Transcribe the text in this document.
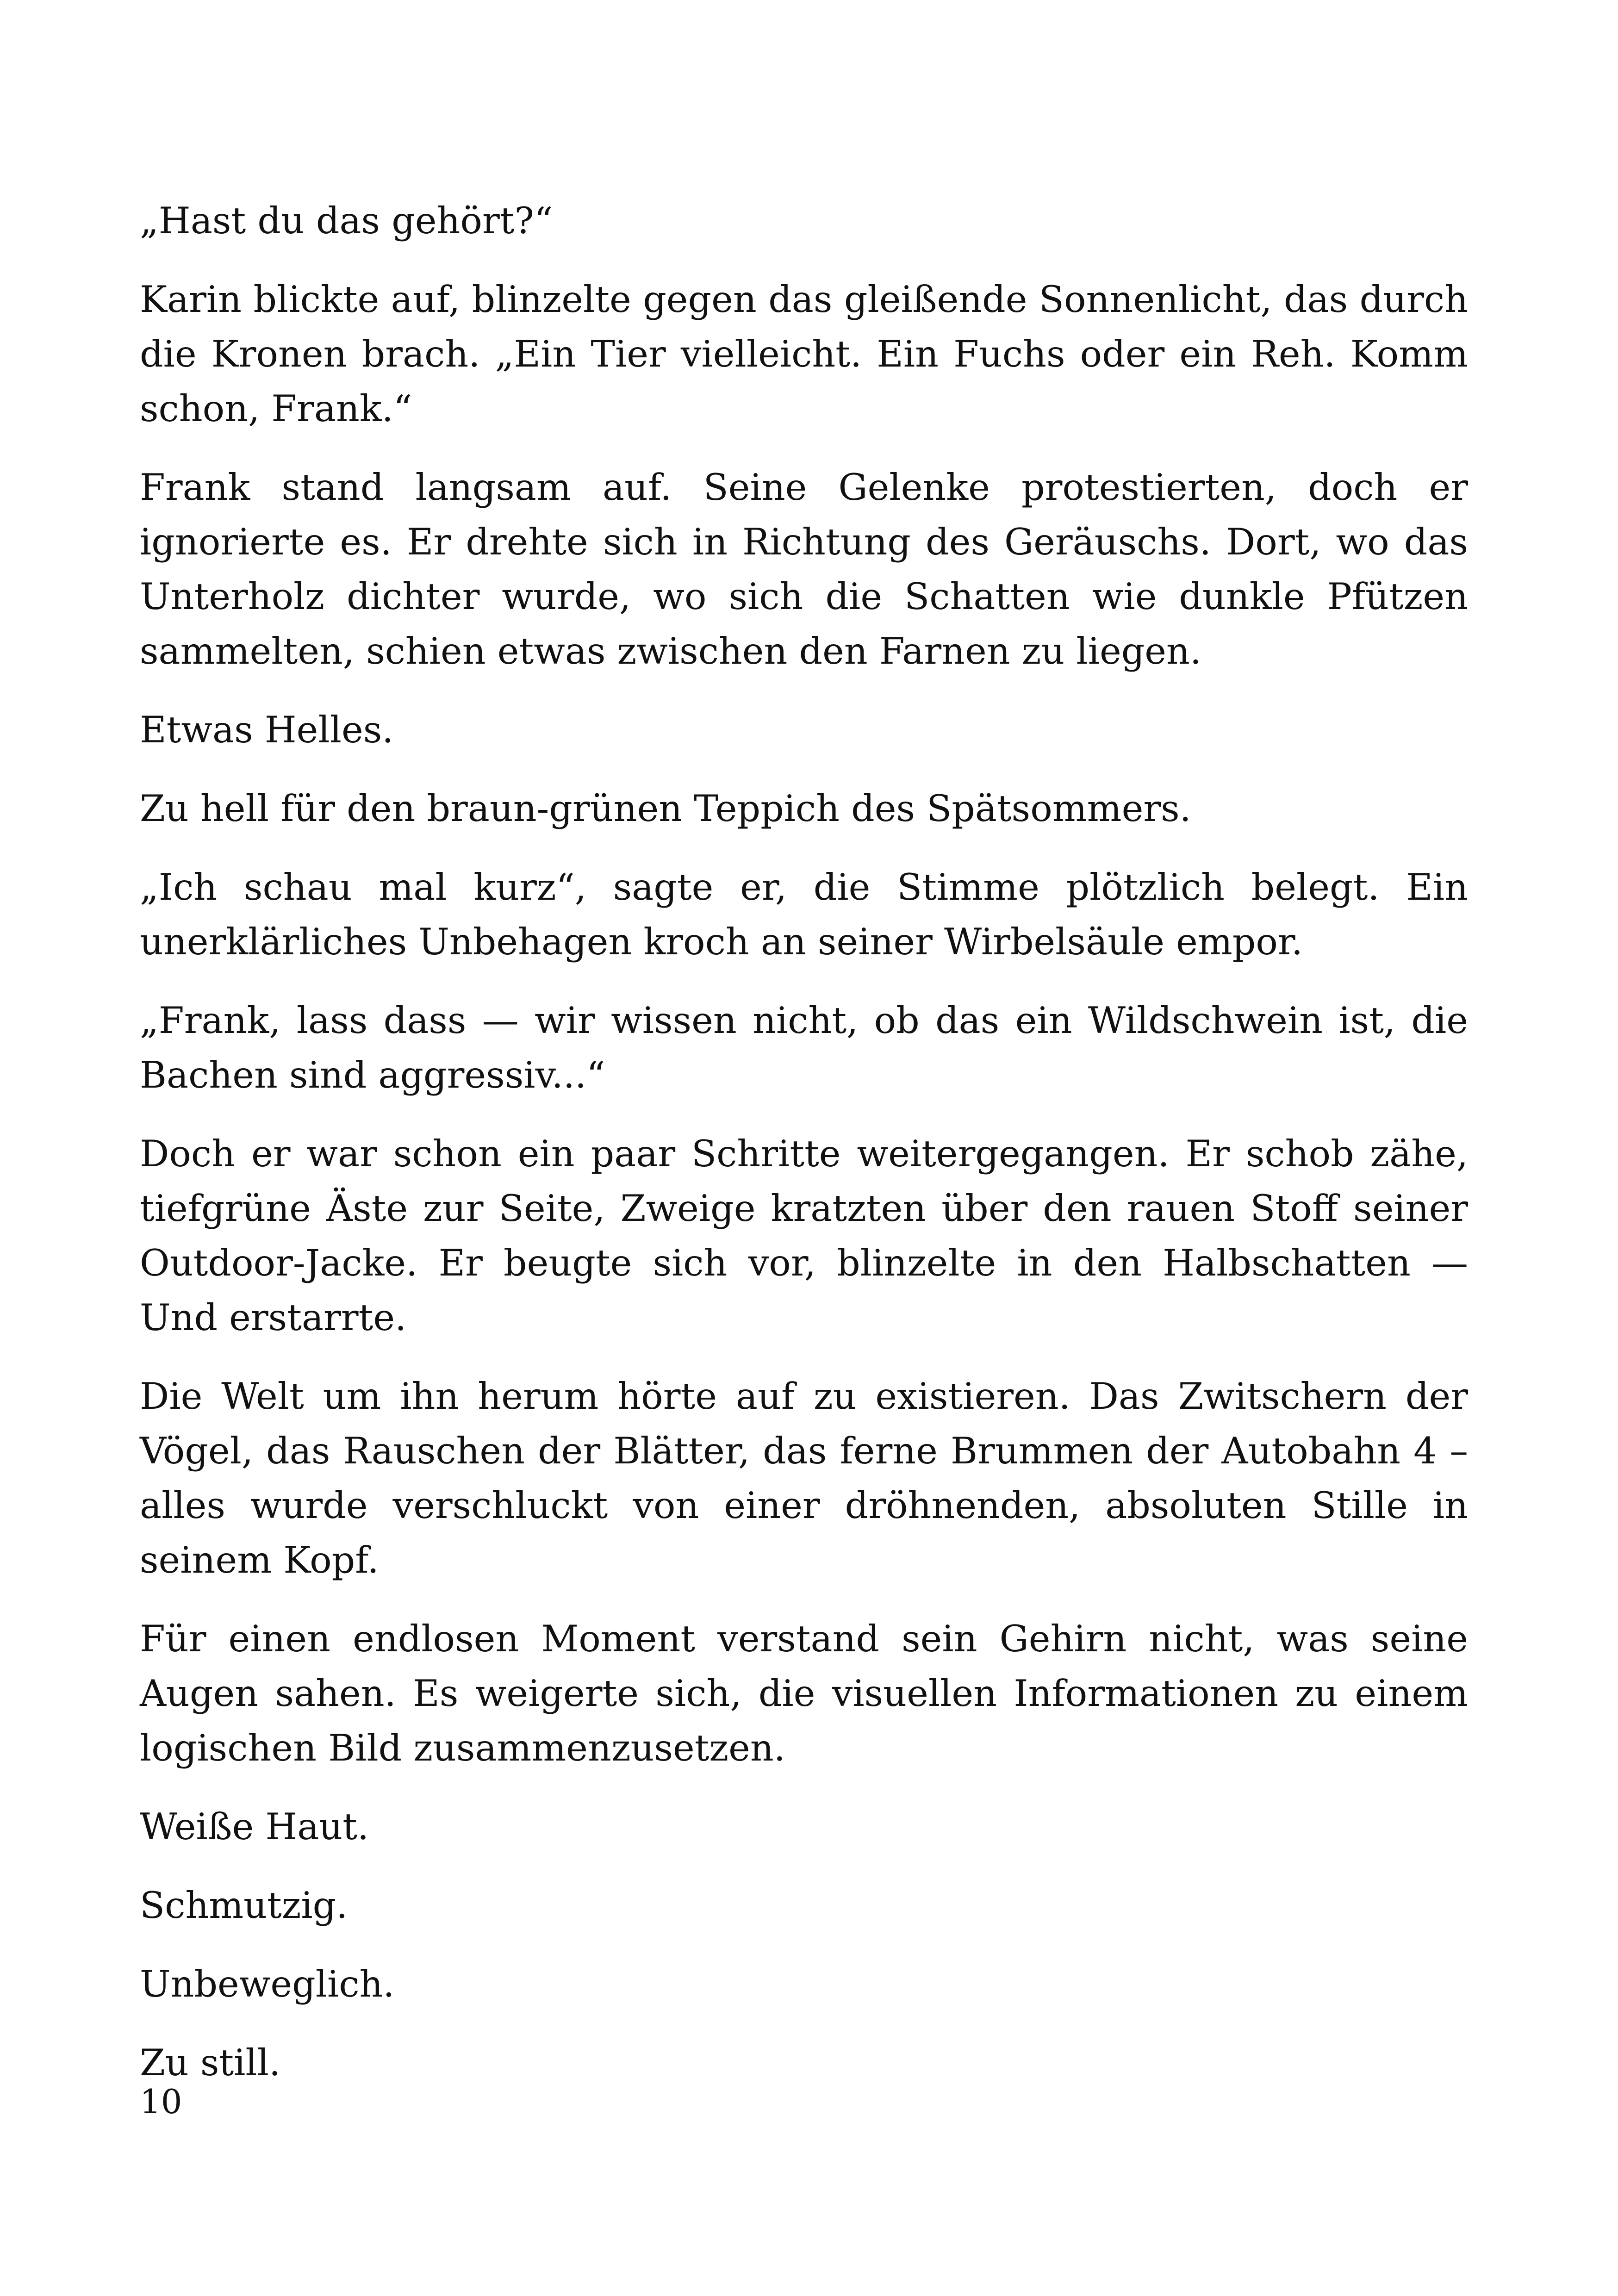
„Hast du das gehört?“

Karin blickte auf, blinzelte gegen das gleißende Sonnenlicht, das durch die Kronen brach. „Ein Tier vielleicht. Ein Fuchs oder ein Reh. Komm schon, Frank.“

Frank stand langsam auf. Seine Gelenke protestierten, doch er ignorierte es. Er drehte sich in Richtung des Geräuschs. Dort, wo das Unterholz dichter wurde, wo sich die Schatten wie dunkle Pfützen sammelten, schien etwas zwischen den Farnen zu liegen.

Etwas Helles.

Zu hell für den braun-grünen Teppich des Spätsommers.

„Ich schau mal kurz“, sagte er, die Stimme plötzlich belegt. Ein unerklärliches Unbehagen kroch an seiner Wirbelsäule empor.

„Frank, lass dass — wir wissen nicht, ob das ein Wildschwein ist, die Bachen sind aggressiv...“

Doch er war schon ein paar Schritte weitergegangen. Er schob zähe, tiefgrüne Äste zur Seite, Zweige kratzten über den rauen Stoff seiner Outdoor-Jacke. Er beugte sich vor, blinzelte in den Halbschatten — Und erstarrte.

Die Welt um ihn herum hörte auf zu existieren. Das Zwitschern der Vögel, das Rauschen der Blätter, das ferne Brummen der Autobahn 4 – alles wurde verschluckt von einer dröhnenden, absoluten Stille in seinem Kopf.

Für einen endlosen Moment verstand sein Gehirn nicht, was seine Augen sahen. Es weigerte sich, die visuellen Informationen zu einem logischen Bild zusammenzusetzen.

Weiße Haut.

Schmutzig.

Unbeweglich.

Zu still.

10
